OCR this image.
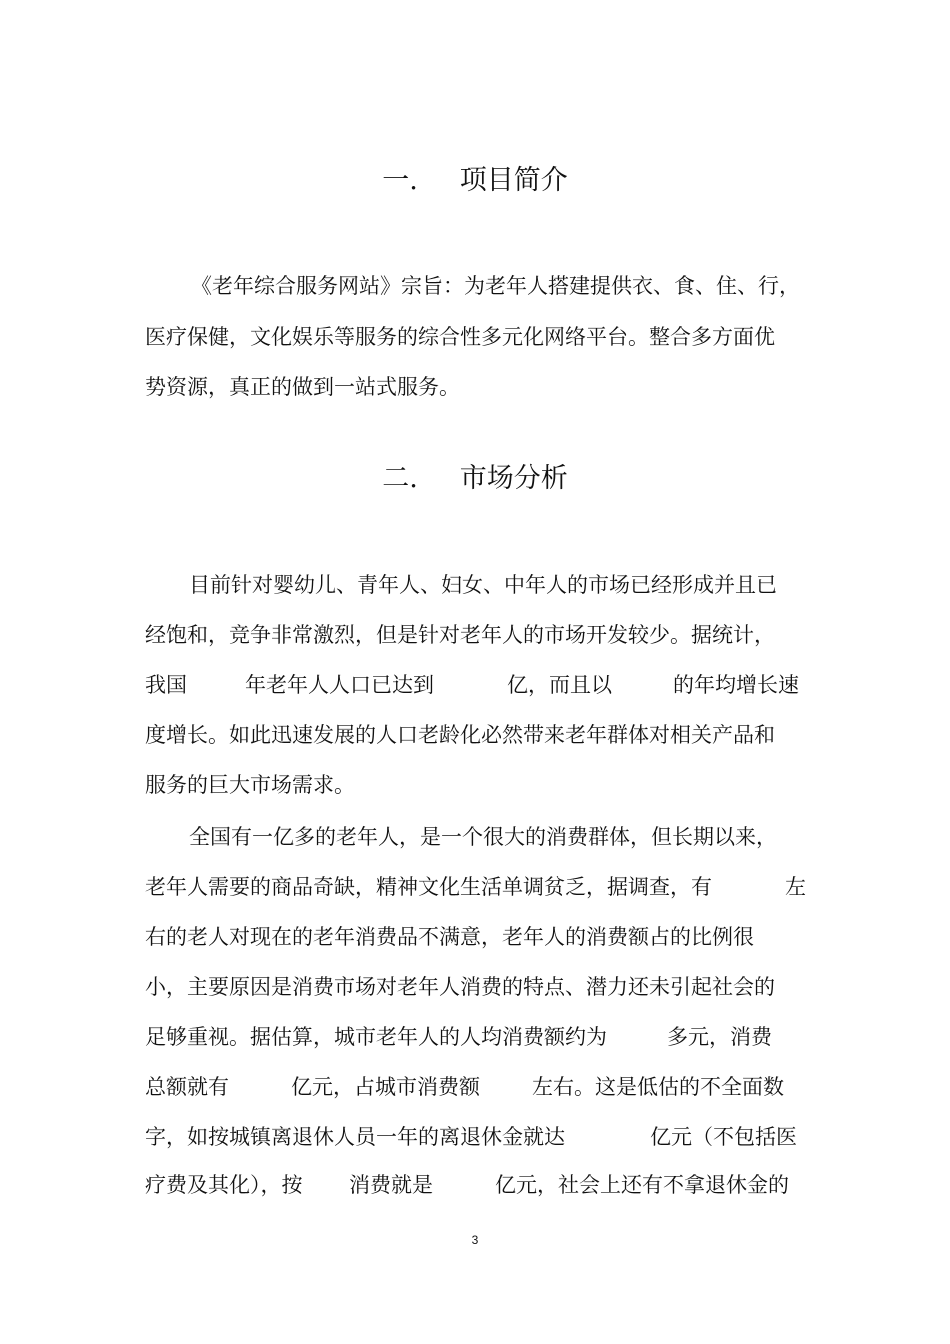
一. 项目简介
《老年综合服务网站》宗旨：为老年人搭建提供衣、食、住、行，
医疗保健，文化娱乐等服务的综合性多元化网络平台。整合多方面优
势资源，真正的做到一站式服务。
二. 市场分析
目前针对婴幼儿、青年人、妇女、中年人的市场已经形成并且已
经饱和，竞争非常激烈，但是针对老年人的市场开发较少。据统计，
我国	年老年人人口已达到	亿，而且以	的年均增长速
度增长。如此迅速发展的人口老龄化必然带来老年群体对相关产品和
服务的巨大市场需求。
全国有一亿多的老年人，是一个很大的消费群体，但长期以来，
老年人需要的商品奇缺，精神文化生活单调贫乏，据调查，有	左
右的老人对现在的老年消费品不满意，老年人的消费额占的比例很
小，主要原因是消费市场对老年人消费的特点、潜力还未引起社会的
足够重视。据估算，城市老年人的人均消费额约为	多元，消费
总额就有	亿元，占城市消费额 左右。这是低估的不全面数
字，如按城镇离退休人员一年的离退休金就达	亿元（不包括医
疗费及其化），按 消费就是	亿元，社会上还有不拿退休金的
3
